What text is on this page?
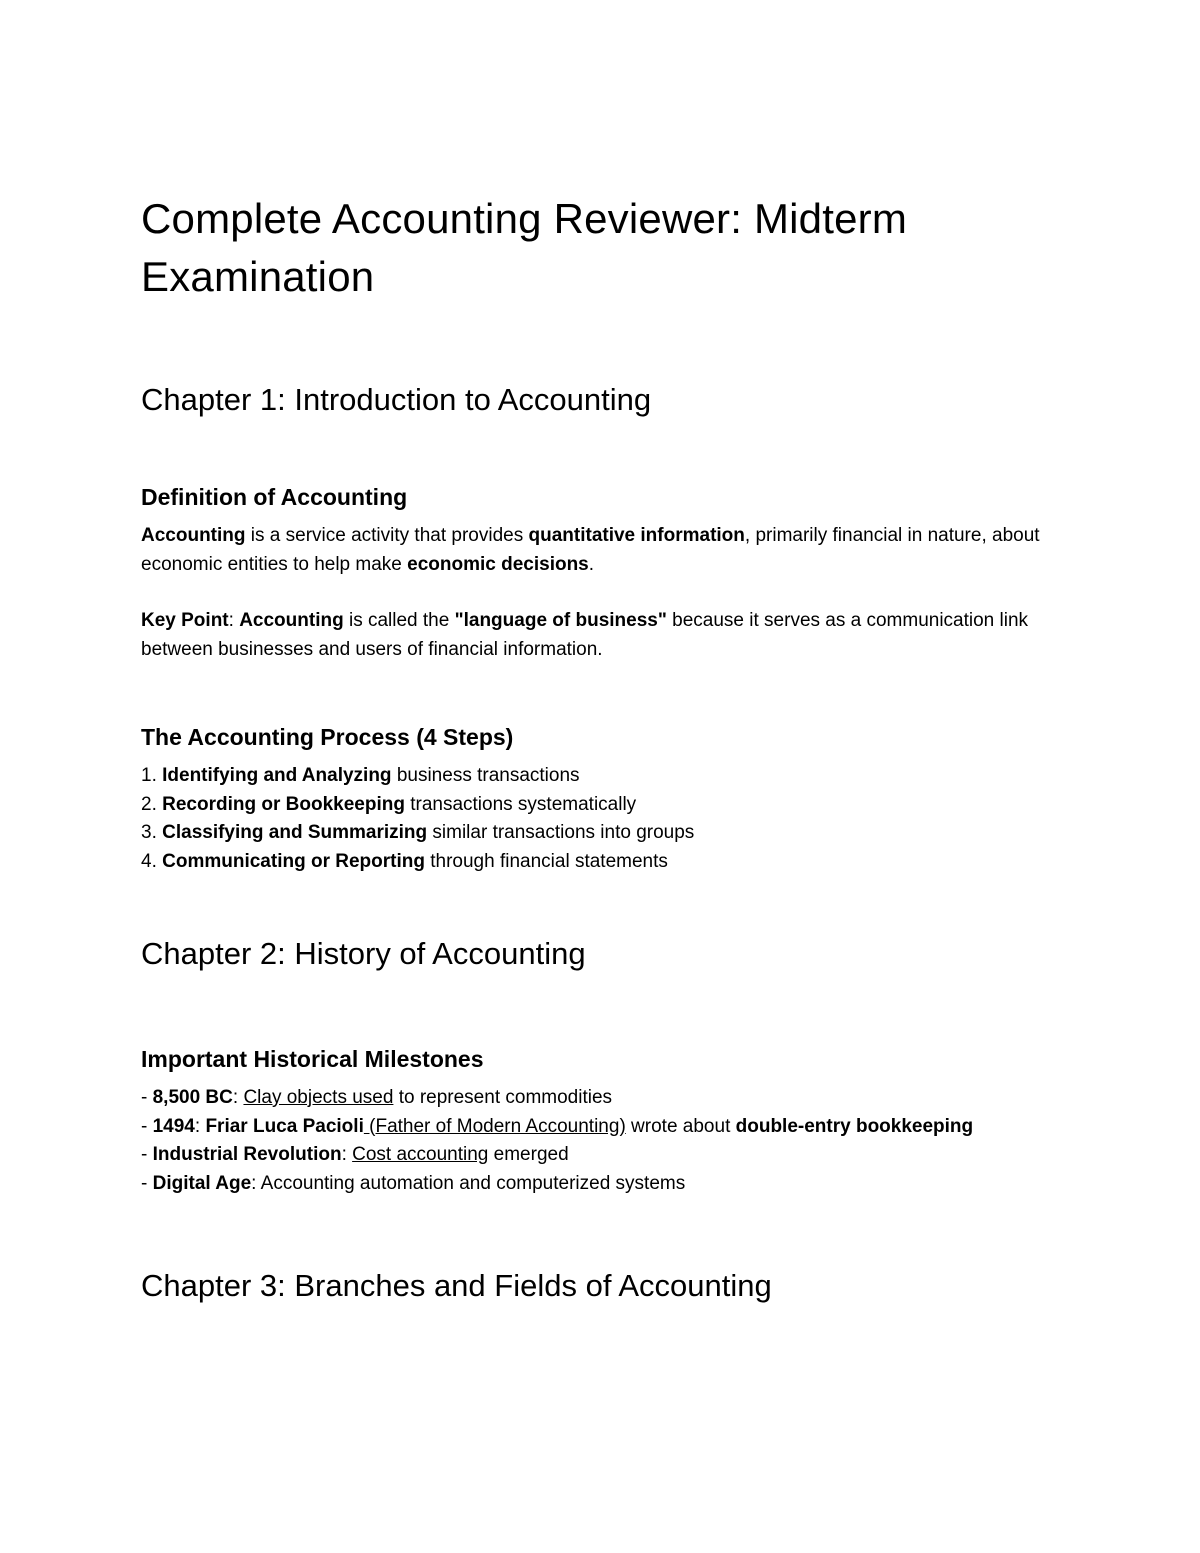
Complete Accounting Reviewer: Midterm Examination
Chapter 1: Introduction to Accounting
Definition of Accounting

Accounting is a service activity that provides quantitative information, primarily financial in nature, about economic entities to help make economic decisions.

Key Point: Accounting is called the "language of business" because it serves as a communication link between businesses and users of financial information.

The Accounting Process (4 Steps)
1. Identifying and Analyzing business transactions
2. Recording or Bookkeeping transactions systematically
3. Classifying and Summarizing similar transactions into groups
4. Communicating or Reporting through financial statements
Chapter 2: History of Accounting
Important Historical Milestones
- 8,500 BC: Clay objects used to represent commodities
- 1494: Friar Luca Pacioli (Father of Modern Accounting) wrote about double-entry bookkeeping
- Industrial Revolution: Cost accounting emerged
- Digital Age: Accounting automation and computerized systems
Chapter 3: Branches and Fields of Accounting
